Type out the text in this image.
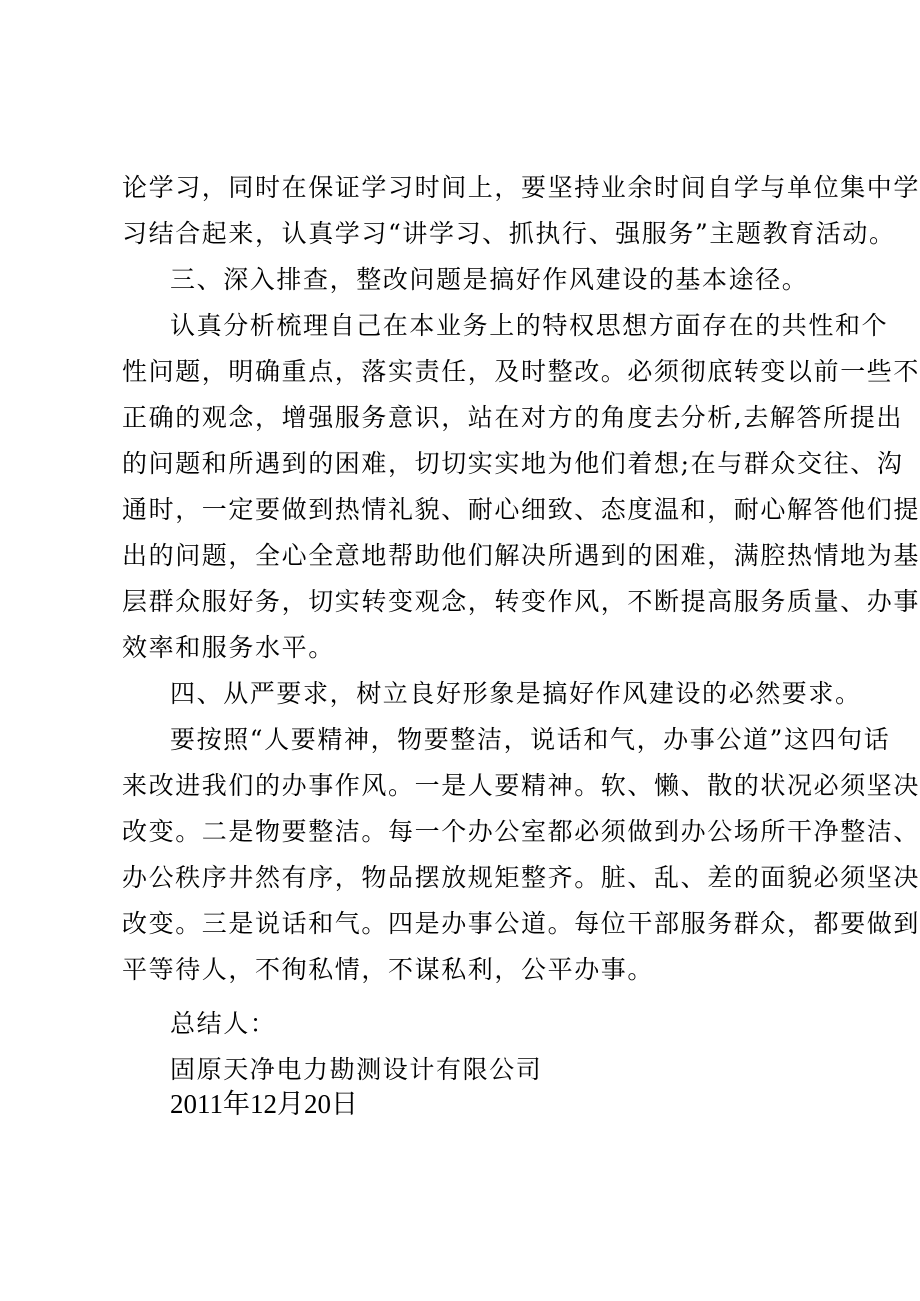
论学习，同时在保证学习时间上，要坚持业余时间自学与单位集中学
习结合起来，认真学习“讲学习、抓执行、强服务”主题教育活动。
三、深入排查，整改问题是搞好作风建设的基本途径。
认真分析梳理自己在本业务上的特权思想方面存在的共性和个
性问题，明确重点，落实责任，及时整改。必须彻底转变以前一些不
正确的观念，增强服务意识，站在对方的角度去分析,去解答所提出
的问题和所遇到的困难，切切实实地为他们着想;在与群众交往、沟
通时，一定要做到热情礼貌、耐心细致、态度温和，耐心解答他们提
出的问题，全心全意地帮助他们解决所遇到的困难，满腔热情地为基
层群众服好务，切实转变观念，转变作风，不断提高服务质量、办事
效率和服务水平。
四、从严要求，树立良好形象是搞好作风建设的必然要求。
要按照“人要精神，物要整洁，说话和气，办事公道”这四句话
来改进我们的办事作风。一是人要精神。软、懒、散的状况必须坚决
改变。二是物要整洁。每一个办公室都必须做到办公场所干净整洁、
办公秩序井然有序，物品摆放规矩整齐。脏、乱、差的面貌必须坚决
改变。三是说话和气。四是办事公道。每位干部服务群众，都要做到
平等待人，不徇私情，不谋私利，公平办事。
总结人：
固原天净电力勘测设计有限公司
2011年12月20日
